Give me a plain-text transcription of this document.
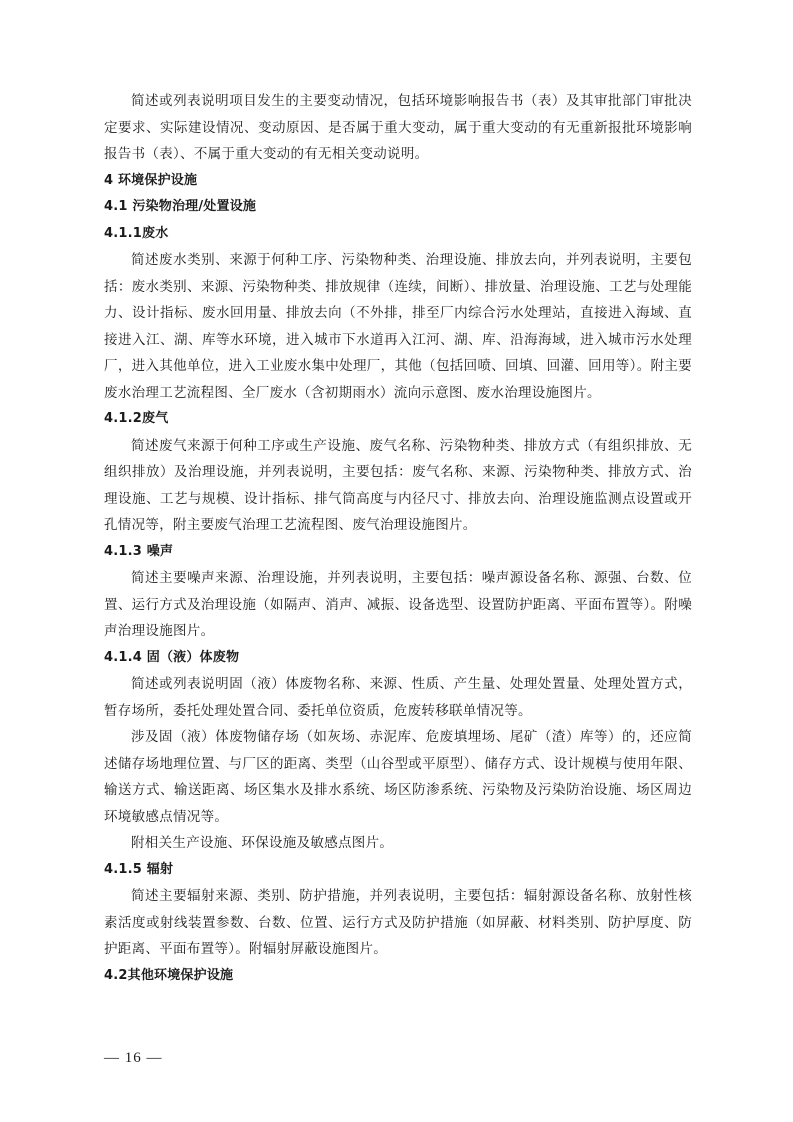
简述或列表说明项目发生的主要变动情况，包括环境影响报告书（表）及其审批部门审批决定要求、实际建设情况、变动原因、是否属于重大变动，属于重大变动的有无重新报批环境影响报告书（表）、不属于重大变动的有无相关变动说明。

4 环境保护设施
4.1 污染物治理/处置设施
4.1.1废水

简述废水类别、来源于何种工序、污染物种类、治理设施、排放去向，并列表说明，主要包括：废水类别、来源、污染物种类、排放规律（连续，间断）、排放量、治理设施、工艺与处理能力、设计指标、废水回用量、排放去向（不外排，排至厂内综合污水处理站，直接进入海域、直接进入江、湖、库等水环境，进入城市下水道再入江河、湖、库、沿海海域，进入城市污水处理厂，进入其他单位，进入工业废水集中处理厂，其他（包括回喷、回填、回灌、回用等）。附主要废水治理工艺流程图、全厂废水（含初期雨水）流向示意图、废水治理设施图片。

4.1.2废气

简述废气来源于何种工序或生产设施、废气名称、污染物种类、排放方式（有组织排放、无组织排放）及治理设施，并列表说明，主要包括：废气名称、来源、污染物种类、排放方式、治理设施、工艺与规模、设计指标、排气筒高度与内径尺寸、排放去向、治理设施监测点设置或开孔情况等，附主要废气治理工艺流程图、废气治理设施图片。

4.1.3 噪声

简述主要噪声来源、治理设施，并列表说明，主要包括：噪声源设备名称、源强、台数、位置、运行方式及治理设施（如隔声、消声、减振、设备选型、设置防护距离、平面布置等）。附噪声治理设施图片。

4.1.4 固（液）体废物

简述或列表说明固（液）体废物名称、来源、性质、产生量、处理处置量、处理处置方式，暂存场所，委托处理处置合同、委托单位资质，危废转移联单情况等。

涉及固（液）体废物储存场（如灰场、赤泥库、危废填埋场、尾矿（渣）库等）的，还应简述储存场地理位置、与厂区的距离、类型（山谷型或平原型）、储存方式、设计规模与使用年限、输送方式、输送距离、场区集水及排水系统、场区防渗系统、污染物及污染防治设施、场区周边环境敏感点情况等。

附相关生产设施、环保设施及敏感点图片。

4.1.5 辐射

简述主要辐射来源、类别、防护措施，并列表说明，主要包括：辐射源设备名称、放射性核素活度或射线装置参数、台数、位置、运行方式及防护措施（如屏蔽、材料类别、防护厚度、防护距离、平面布置等）。附辐射屏蔽设施图片。

4.2其他环境保护设施
— 16 —
